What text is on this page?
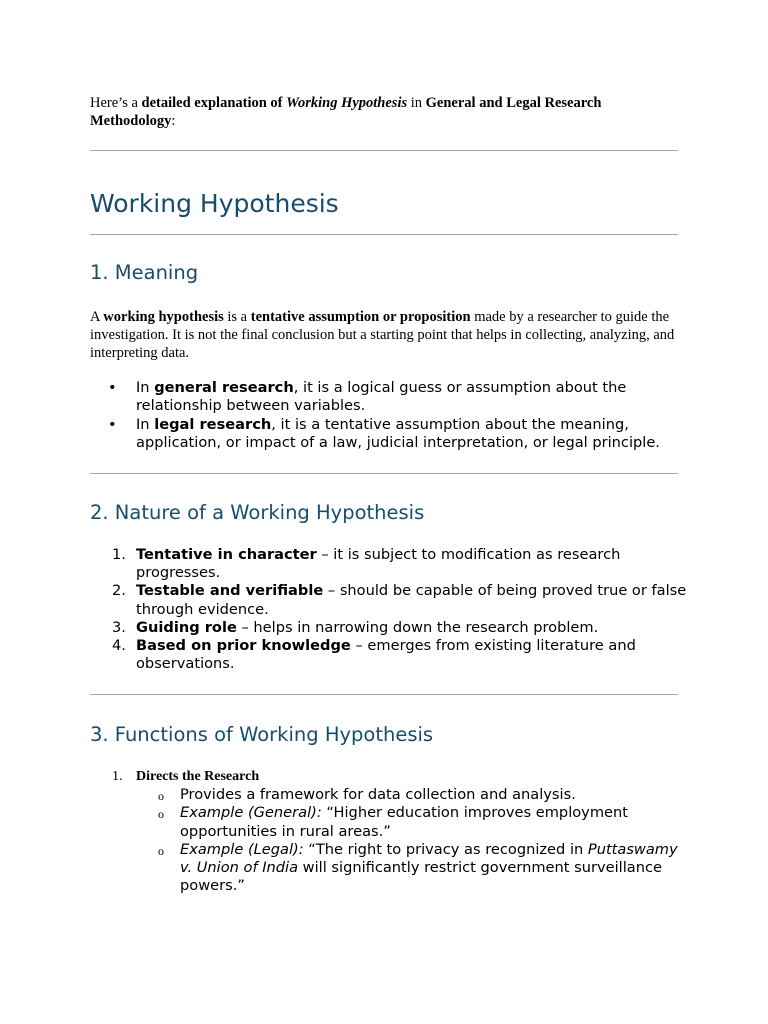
Here’s a detailed explanation of Working Hypothesis in General and Legal Research Methodology:

Working Hypothesis
1. Meaning

A working hypothesis is a tentative assumption or proposition made by a researcher to guide the investigation. It is not the final conclusion but a starting point that helps in collecting, analyzing, and interpreting data.

•	In general research, it is a logical guess or assumption about the relationship between variables.
•	In legal research, it is a tentative assumption about the meaning, application, or impact of a law, judicial interpretation, or legal principle.
2. Nature of a Working Hypothesis
1. Tentative in character – it is subject to modification as research progresses.
2. Testable and verifiable – should be capable of being proved true or false through evidence.
3. Guiding role – helps in narrowing down the research problem.
4. Based on prior knowledge – emerges from existing literature and observations.
3. Functions of Working Hypothesis
1. Directs the Research
o Provides a framework for data collection and analysis.
o Example (General): “Higher education improves employment opportunities in rural areas.”
o Example (Legal): “The right to privacy as recognized in Puttaswamy v. Union of India will significantly restrict government surveillance powers.”
